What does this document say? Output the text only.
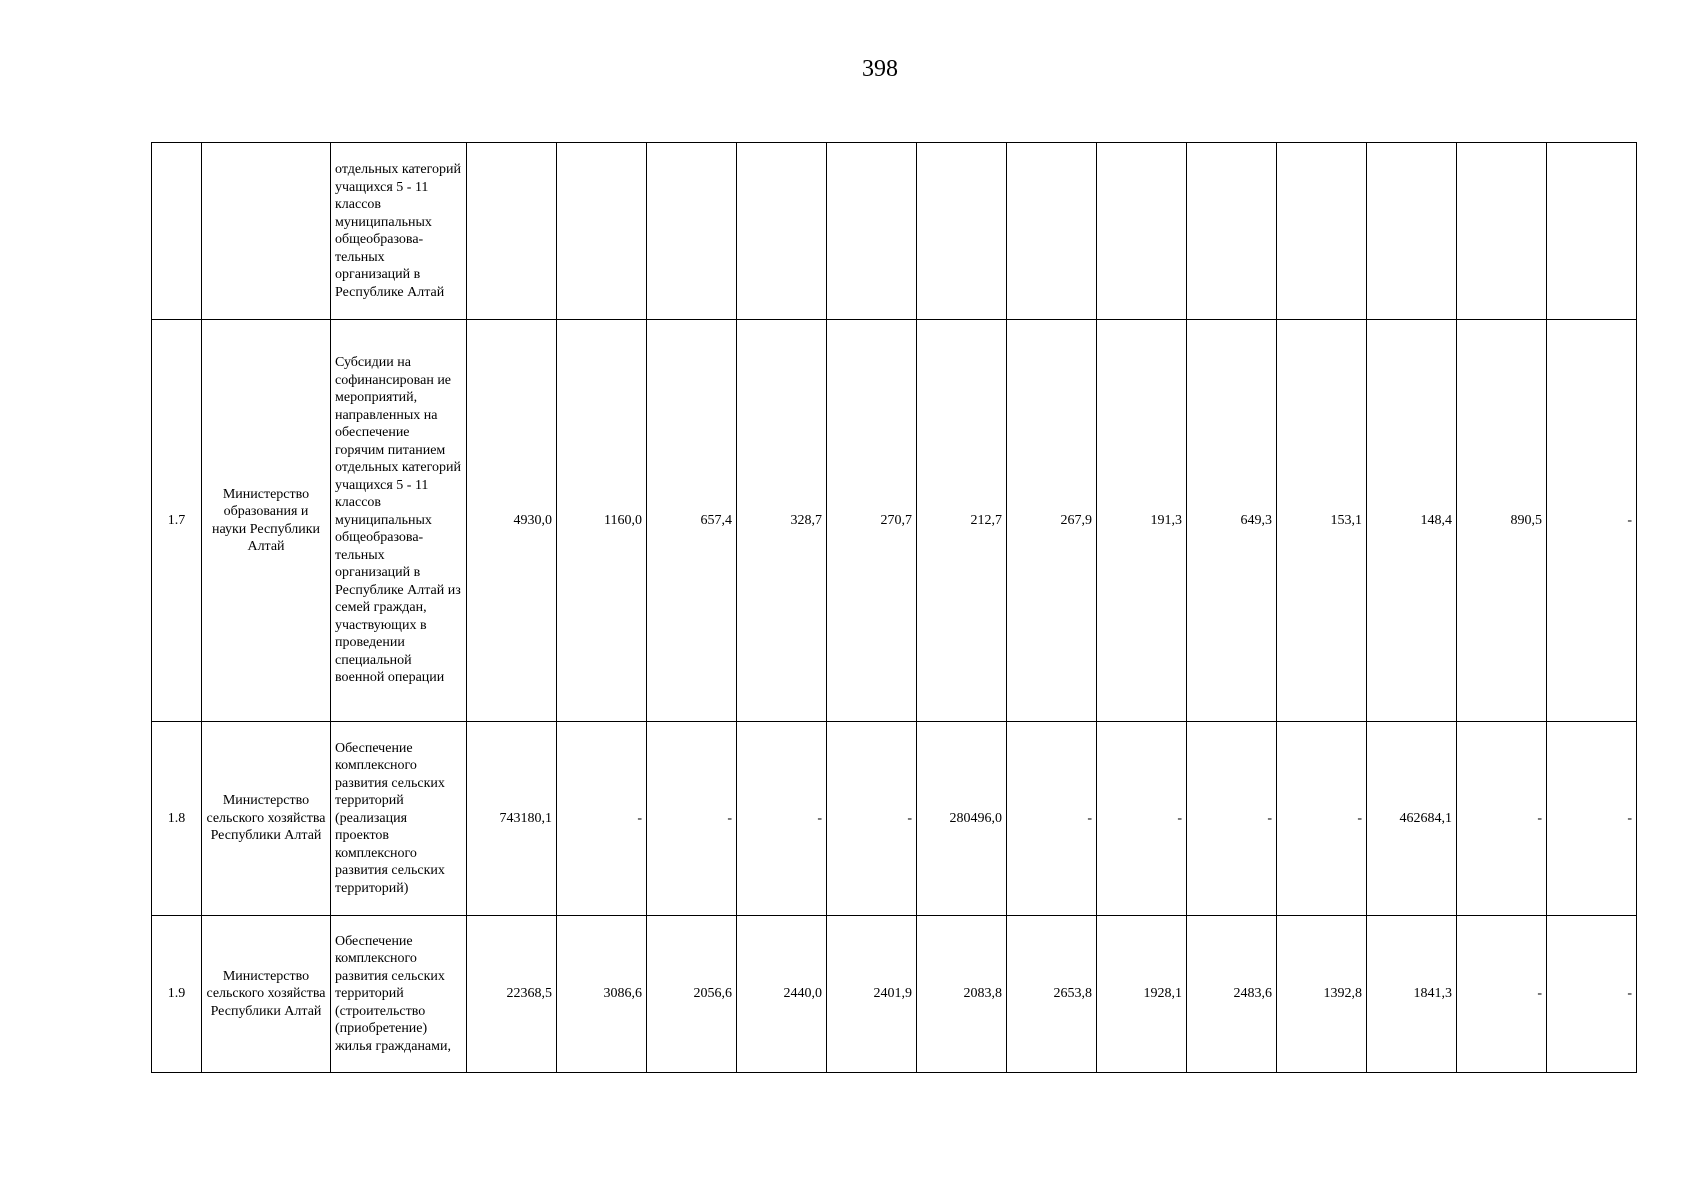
398
		отдельных категорий учащихся 5 - 11 классов муниципальных общеобразова-тельных организаций в Республике Алтай													
1.7	Министерство образования и науки Республики Алтай	Субсидии на софинансирован ие мероприятий, направленных на обеспечение горячим питанием отдельных категорий учащихся 5 - 11 классов муниципальных общеобразова-тельных организаций в Республике Алтай из семей граждан, участвующих в проведении специальной военной операции	4930,0	1160,0	657,4	328,7	270,7	212,7	267,9	191,3	649,3	153,1	148,4	890,5	-
1.8	Министерство сельского хозяйства Республики Алтай	Обеспечение комплексного развития сельских территорий (реализация проектов комплексного развития сельских территорий)	743180,1	-	-	-	-	280496,0	-	-	-	-	462684,1	-	-
1.9	Министерство сельского хозяйства Республики Алтай	Обеспечение комплексного развития сельских территорий (строительство (приобретение) жилья гражданами,	22368,5	3086,6	2056,6	2440,0	2401,9	2083,8	2653,8	1928,1	2483,6	1392,8	1841,3	-	-
